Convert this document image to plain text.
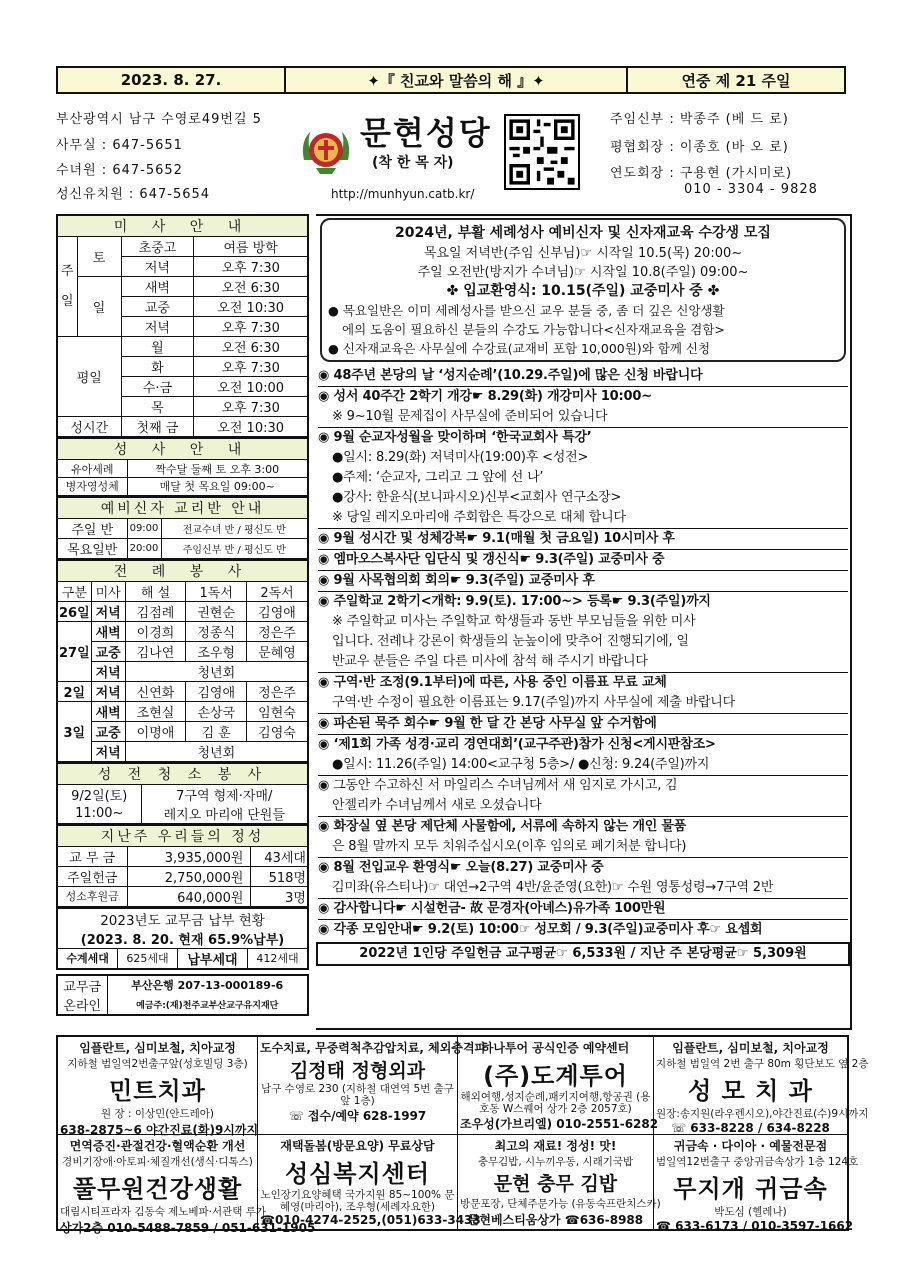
2023. 8. 27.	✦『 친교와 말씀의 해 』✦	연중 제 21 주일
부산광역시 남구 수영로49번길 5
사무실 : 647-5651
수녀원 : 647-5652
성신유치원 : 647-5654
문현성당
(착 한 목 자)
http://munhyun.catb.kr/
주임신부 : 박종주 (베 드 로)
평협회장 : 이종호 (바 오 로)
연도회장 : 구용현 (가시미로)
010 - 3304 - 9828
미 사 안 내			
주일	토	초중고	여름 방학
		저녁	오후 7:30
	일	새벽	오전 6:30
		교중	오전 10:30
		저녁	오후 7:30
평일		월	오전 6:30
		화	오후 7:30
		수·금	오전 10:00
		목	오후 7:30
성시간		첫째 금	오전 10:30
성 사 안 내	
유아세례	짝수달 둘째 토 오후 3:00
병자영성체	매달 첫 목요일 09:00~
예비신자 교리반 안내		
주일 반	09:00	전교수녀 반 / 평신도 반
목요일반	20:00	주임신부 반 / 평신도 반
전 례 봉 사				
구분	미사	해 설	1독서	2독서
26일	저녁	김점례	권현순	김영애
27일	새벽	이경희	정종식	정은주
	교중	김나연	조우형	문혜영
	저녁	청년회		
2일	저녁	신연화	김영애	정은주
3일	새벽	조현실	손상국	임현숙
	교중	이명애	김 훈	김영숙
	저녁	청년회		
성 전 청 소 봉 사	
9/2일(토)	7구역 형제·자매/
11:00~	레지오 마리애 단원들
지난주 우리들의 정성		
교 무 금	3,935,000원	43세대
주일헌금	2,750,000원	518명
성소후원금	640,000원	3명
2023년도 교무금 납부 현황
(2023. 8. 20. 현재 65.9%납부)
수계세대	625세대	납부세대	412세대
교무금	부산은행 207-13-000189-6
온라인	예금주:(재)천주교부산교구유지재단
2024년, 부활 세례성사 예비신자 및 신자재교육 수강생 모집
목요일 저녁반(주임 신부님)☞ 시작일 10.5(목) 20:00~
주일 오전반(방지가 수녀님)☞ 시작일 10.8(주일) 09:00~
✤ 입교환영식: 10.15(주일) 교중미사 중 ✤
● 목요일반은 이미 세례성사를 받으신 교우 분들 중, 좀 더 깊은 신앙생활
에의 도움이 필요하신 분들의 수강도 가능합니다<신자재교육을 겸함>
● 신자재교육은 사무실에 수강료(교재비 포함 10,000원)와 함께 신청
◉ 48주년 본당의 날 ‘성지순례’(10.29.주일)에 많은 신청 바랍니다
◉ 성서 40주간 2학기 개강☛ 8.29(화) 개강미사 10:00~
※ 9~10월 문제집이 사무실에 준비되어 있습니다
◉ 9월 순교자성월을 맞이하며 ‘한국교회사 특강’
●일시: 8.29(화) 저녁미사(19:00)후 <성전>
●주제: ‘순교자, 그리고 그 앞에 선 나’
●강사: 한윤식(보니파시오)신부<교회사 연구소장>
※ 당일 레지오마리애 주회합은 특강으로 대체 합니다
◉ 9월 성시간 및 성체강복☛ 9.1(매월 첫 금요일) 10시미사 후
◉ 엠마오스복사단 입단식 및 갱신식☛ 9.3(주일) 교중미사 중
◉ 9월 사목협의회 회의☛ 9.3(주일) 교중미사 후
◉ 주일학교 2학기<개학: 9.9(토). 17:00~> 등록☛ 9.3(주일)까지
※ 주일학교 미사는 주일학교 학생들과 동반 부모님들을 위한 미사
입니다. 전례나 강론이 학생들의 눈높이에 맞추어 진행되기에, 일
반교우 분들은 주일 다른 미사에 참석 해 주시기 바랍니다
◉ 구역·반 조정(9.1부터)에 따른, 사용 중인 이름표 무료 교체
구역·반 수정이 필요한 이름표는 9.17(주일)까지 사무실에 제출 바랍니다
◉ 파손된 묵주 회수☛ 9월 한 달 간 본당 사무실 앞 수거함에
◉ ‘제1회 가족 성경·교리 경연대회’(교구주관)참가 신청<게시판참조>
●일시: 11.26(주일) 14:00<교구청 5층>/ ●신청: 9.24(주일)까지
◉ 그동안 수고하신 서 마일리스 수녀님께서 새 임지로 가시고, 김
안젤리카 수녀님께서 새로 오셨습니다
◉ 화장실 옆 본당 제단체 사물함에, 서류에 속하지 않는 개인 물품
은 8월 말까지 모두 치워주십시오(이후 임의로 폐기처분 합니다)
◉ 8월 전입교우 환영식☛ 오늘(8.27) 교중미사 중
김미좌(유스티나)☞ 대연→2구역 4반/윤준영(요한)☞ 수원 영통성령→7구역 2반
◉ 감사합니다☛ 시설헌금- 故 문경자(아녜스)유가족 100만원
◉ 각종 모임안내☛ 9.2(토) 10:00☞ 성모회 / 9.3(주일)교중미사 후☞ 요셉회
2022년 1인당 주일헌금 교구평균☞ 6,533원 / 지난 주 본당평균☞ 5,309원
임플란트, 심미보철, 치아교정
지하철 범일역2번출구앞(성호빌딩 3층)
민트치과
원 장 : 이상민(안드레아)
638-2875~6 야간진료(화)9시까지
도수치료, 무중력척추감압치료, 체외충격파
김정태 정형외과
남구 수영로 230 (지하철 대연역 5번 출구 앞 1층)
☏ 접수/예약 628-1997
하나투어 공식인증 예약센터
(주)도계투어
해외여행,성지순례,패키지여행,항공권 (용호동 W스퀘어 상가 2층 2057호)
조우성(가브리엘) 010-2551-6282
임플란트, 심미보철, 치아교정
지하철 범일역 2번 출구 80m 횡단보도 옆 2층
성 모 치 과
원장:송지원(라우렌시오),야간진료(수)9시까지
☏ 633-8228 / 634-8228
면역증진·관절건강·혈액순환 개선
경비기장애·아토피·체질개선(생식·디톡스)
풀무원건강생활
대림시티프라자 김동숙 제노베파·서관택 루가
상가2층 010-5488-7859 / 051-631-1905
재택돌봄(방문요양) 무료상담
성심복지센터
노인장기요양혜택 국가지원 85~100% 문혜영(마리아), 조우형(세례자요한)
☎010-4274-2525,(051)633-3433
최고의 재료! 정성! 맛!
충무김밥, 시누끼우동, 시래기국밥
문현 충무 김밥
방문포장, 단체주문가능 (유동숙프란치스카)
문현베스티움상가 ☎636-8988
귀금속 · 다이아 · 예물전문점
범일역12번출구 중앙귀금속상가 1층 124호
무지개 귀금속
박도심 (헬레나)
☎ 633-6173 / 010-3597-1662
